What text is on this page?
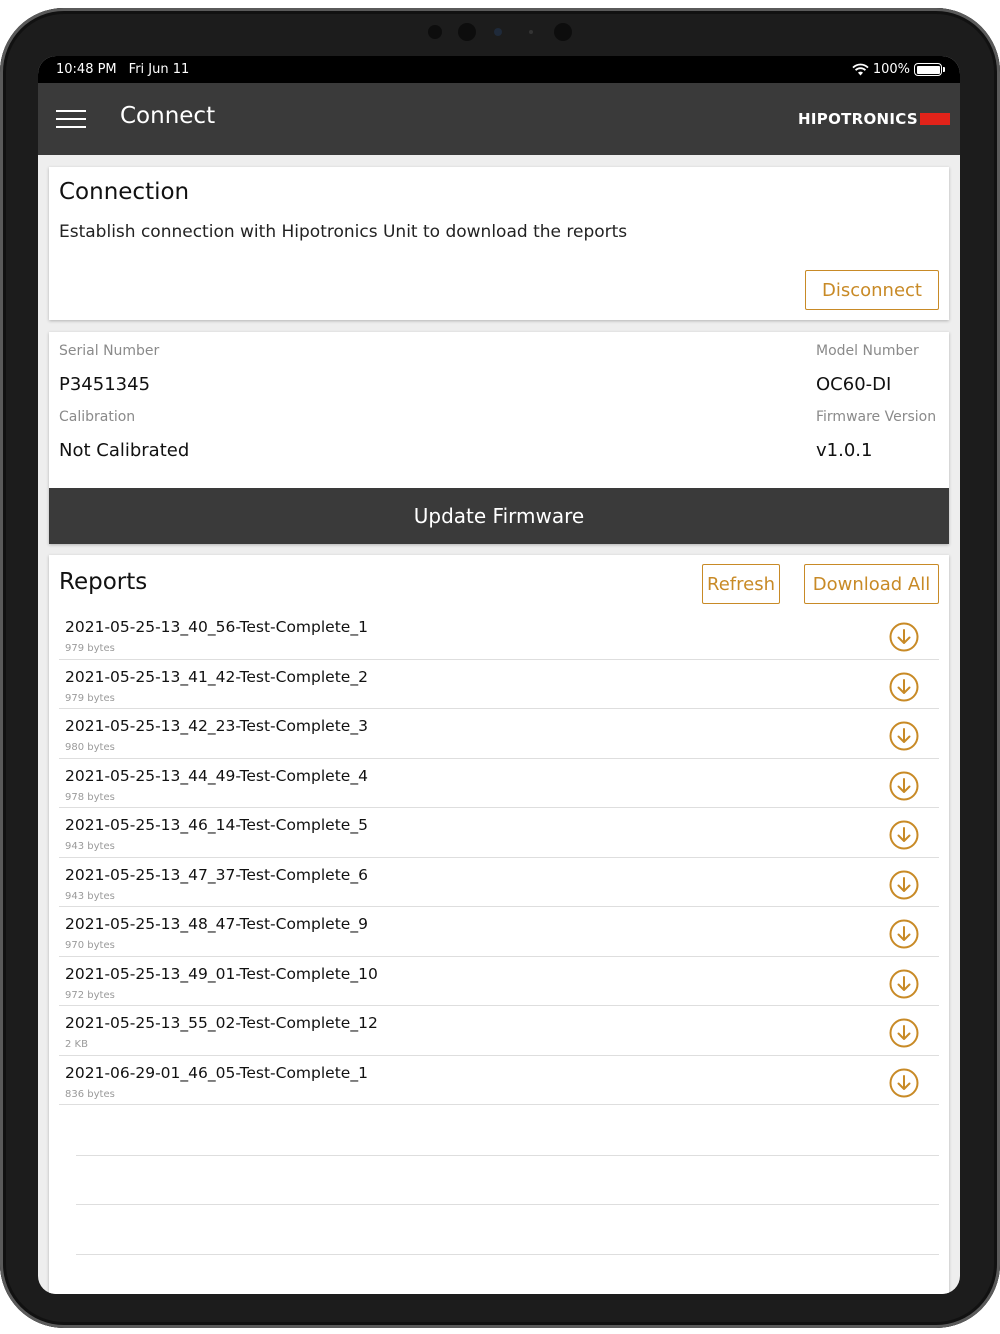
10:48 PM Fri Jun 11	100%
Connect	HIPOTRONICS
Connection
Establish connection with Hipotronics Unit to download the reports
Disconnect
Serial Number
P3451345
Model Number
OC60-DI
Calibration
Not Calibrated
Firmware Version
v1.0.1
Update Firmware
Reports	Refresh	Download All
2021-05-25-13_40_56-Test-Complete_1
979 bytes
2021-05-25-13_41_42-Test-Complete_2
979 bytes
2021-05-25-13_42_23-Test-Complete_3
980 bytes
2021-05-25-13_44_49-Test-Complete_4
978 bytes
2021-05-25-13_46_14-Test-Complete_5
943 bytes
2021-05-25-13_47_37-Test-Complete_6
943 bytes
2021-05-25-13_48_47-Test-Complete_9
970 bytes
2021-05-25-13_49_01-Test-Complete_10
972 bytes
2021-05-25-13_55_02-Test-Complete_12
2 KB
2021-06-29-01_46_05-Test-Complete_1
836 bytes
